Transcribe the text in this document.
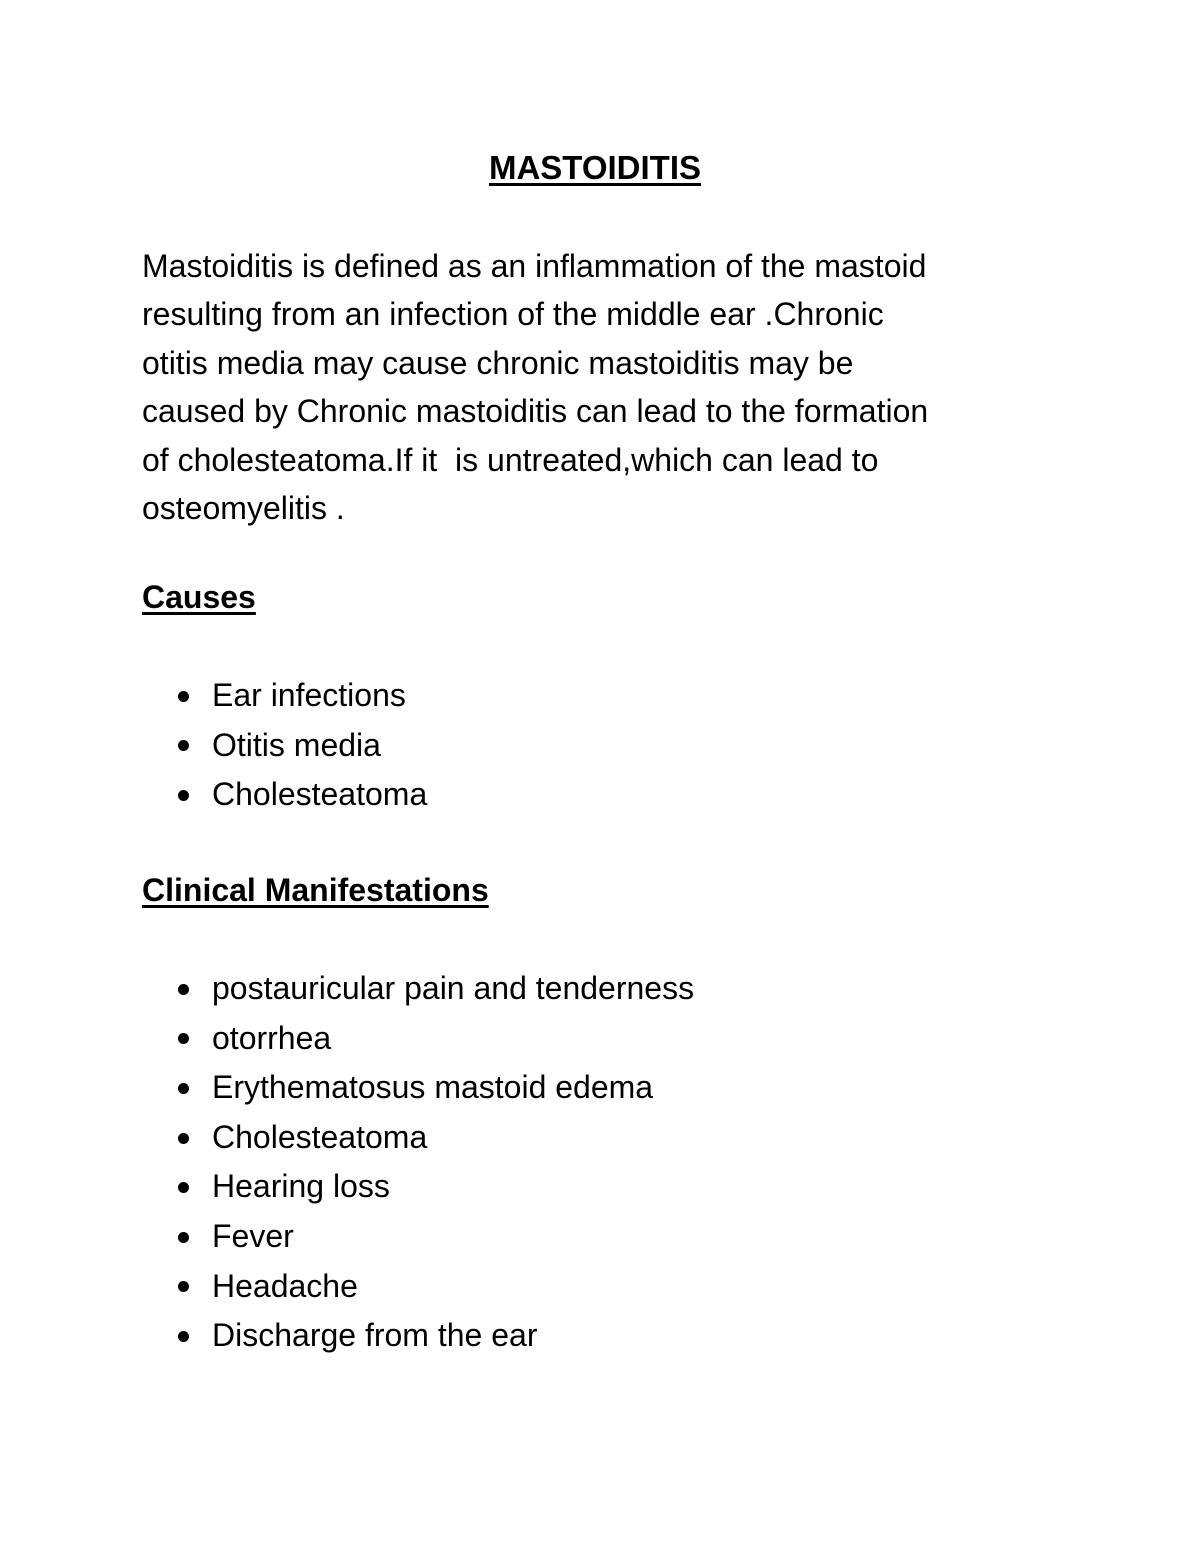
MASTOIDITIS

Mastoiditis is defined as an inflammation of the mastoid
resulting from an infection of the middle ear .Chronic
otitis media may cause chronic mastoiditis may be
caused by Chronic mastoiditis can lead to the formation
of cholesteatoma.If it  is untreated,which can lead to
osteomyelitis .

Causes
Ear infections
Otitis media
Cholesteatoma
Clinical Manifestations
postauricular pain and tenderness
otorrhea
Erythematosus mastoid edema
Cholesteatoma
Hearing loss
Fever
Headache
Discharge from the ear
